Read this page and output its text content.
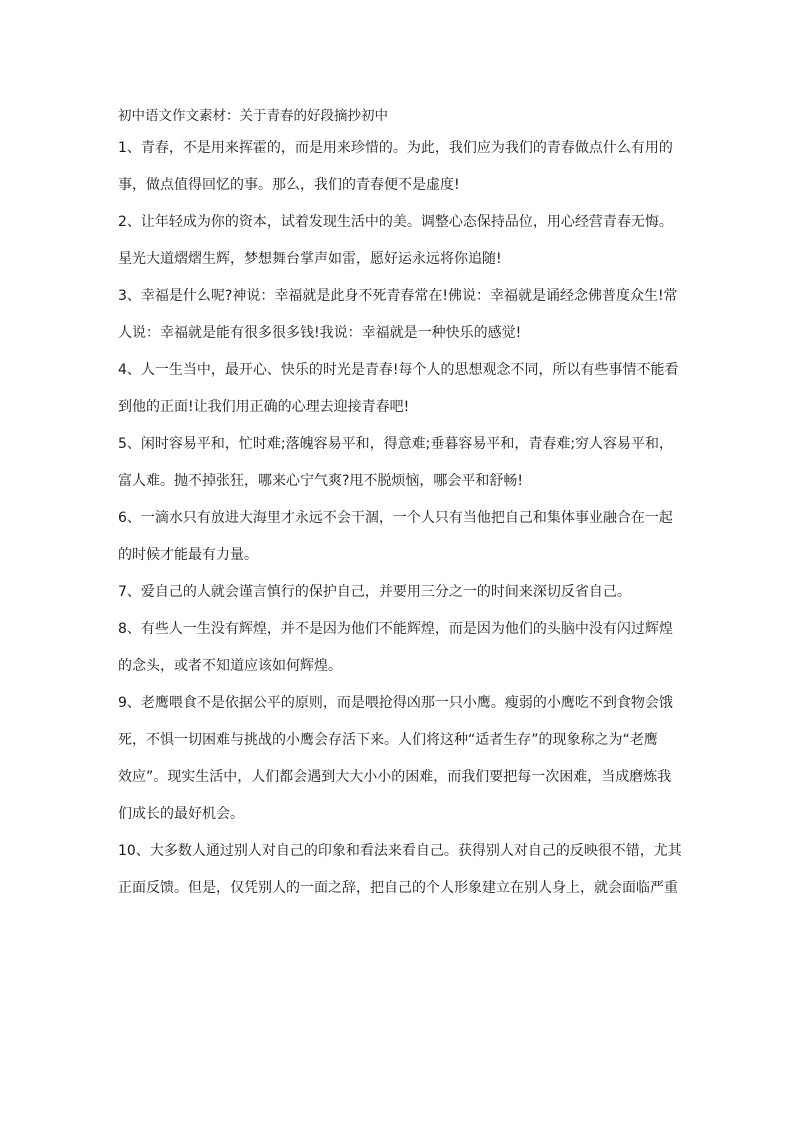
初中语文作文素材：关于青春的好段摘抄初中
1、青春，不是用来挥霍的，而是用来珍惜的。为此，我们应为我们的青春做点什么有用的
事，做点值得回忆的事。那么，我们的青春便不是虚度!
2、让年轻成为你的资本，试着发现生活中的美。调整心态保持品位，用心经营青春无悔。
星光大道熠熠生辉，梦想舞台掌声如雷，愿好运永远将你追随!
3、幸福是什么呢?神说：幸福就是此身不死青春常在!佛说：幸福就是诵经念佛普度众生!常
人说：幸福就是能有很多很多钱!我说：幸福就是一种快乐的感觉!
4、人一生当中，最开心、快乐的时光是青春!每个人的思想观念不同，所以有些事情不能看
到他的正面!让我们用正确的心理去迎接青春吧!
5、闲时容易平和，忙时难;落魄容易平和，得意难;垂暮容易平和，青春难;穷人容易平和，
富人难。抛不掉张狂，哪来心宁气爽?甩不脱烦恼，哪会平和舒畅!
6、一滴水只有放进大海里才永远不会干涸，一个人只有当他把自己和集体事业融合在一起
的时候才能最有力量。
7、爱自己的人就会谨言慎行的保护自己，并要用三分之一的时间来深切反省自己。
8、有些人一生没有辉煌，并不是因为他们不能辉煌，而是因为他们的头脑中没有闪过辉煌
的念头，或者不知道应该如何辉煌。
9、老鹰喂食不是依据公平的原则，而是喂抢得凶那一只小鹰。瘦弱的小鹰吃不到食物会饿
死，不惧一切困难与挑战的小鹰会存活下来。人们将这种“适者生存”的现象称之为“老鹰
效应”。现实生活中，人们都会遇到大大小小的困难，而我们要把每一次困难，当成磨炼我
们成长的最好机会。
10、大多数人通过别人对自己的印象和看法来看自己。获得别人对自己的反映很不错，尤其
正面反馈。但是，仅凭别人的一面之辞，把自己的个人形象建立在别人身上，就会面临严重
